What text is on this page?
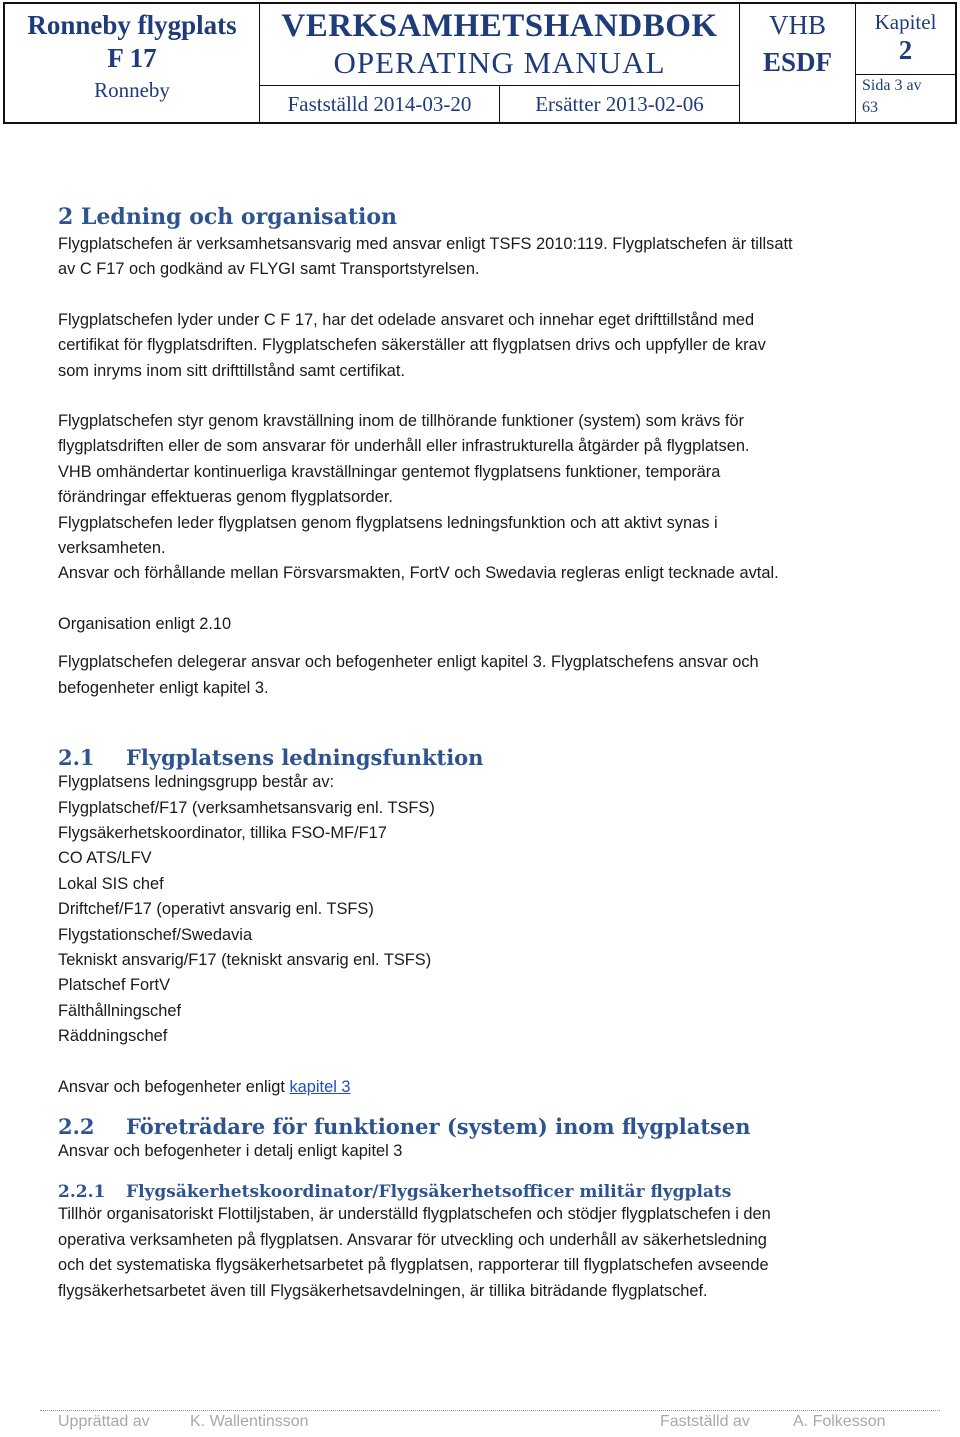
Ronneby flygplats
F 17
Ronneby
VERKSAMHETSHANDBOK
OPERATING MANUAL
Fastställd 2014-03-20	Ersätter 2013-02-06
VHB
ESDF
Kapitel
2
Sida 3 av
63
2 Ledning och organisation

Flygplatschefen är verksamhetsansvarig med ansvar enligt TSFS 2010:119. Flygplatschefen är tillsatt

av C F17 och godkänd av FLYGI samt Transportstyrelsen.

Flygplatschefen lyder under C F 17, har det odelade ansvaret och innehar eget drifttillstånd med

certifikat för flygplatsdriften. Flygplatschefen säkerställer att flygplatsen drivs och uppfyller de krav

som inryms inom sitt drifttillstånd samt certifikat.

Flygplatschefen styr genom kravställning inom de tillhörande funktioner (system) som krävs för

flygplatsdriften eller de som ansvarar för underhåll eller infrastrukturella åtgärder på flygplatsen.

VHB omhändertar kontinuerliga kravställningar gentemot flygplatsens funktioner, temporära

förändringar effektueras genom flygplatsorder.

Flygplatschefen leder flygplatsen genom flygplatsens ledningsfunktion och att aktivt synas i

verksamheten.

Ansvar och förhållande mellan Försvarsmakten, FortV och Swedavia regleras enligt tecknade avtal.

Organisation enligt 2.10

Flygplatschefen delegerar ansvar och befogenheter enligt kapitel 3. Flygplatschefens ansvar och

befogenheter enligt kapitel 3.

2.1	Flygplatsens ledningsfunktion

Flygplatsens ledningsgrupp består av:

Flygplatschef/F17 (verksamhetsansvarig enl. TSFS)

Flygsäkerhetskoordinator, tillika FSO-MF/F17

CO ATS/LFV

Lokal SIS chef

Driftchef/F17 (operativt ansvarig enl. TSFS)

Flygstationschef/Swedavia

Tekniskt ansvarig/F17 (tekniskt ansvarig enl. TSFS)

Platschef FortV

Fälthållningschef

Räddningschef

Ansvar och befogenheter enligt kapitel 3

2.2	Företrädare för funktioner (system) inom flygplatsen

Ansvar och befogenheter i detalj enligt kapitel 3

2.2.1	Flygsäkerhetskoordinator/Flygsäkerhetsofficer militär flygplats

Tillhör organisatoriskt Flottiljstaben, är underställd flygplatschefen och stödjer flygplatschefen i den

operativa verksamheten på flygplatsen. Ansvarar för utveckling och underhåll av säkerhetsledning

och det systematiska flygsäkerhetsarbetet på flygplatsen, rapporterar till flygplatschefen avseende

flygsäkerhetsarbetet även till Flygsäkerhetsavdelningen, är tillika biträdande flygplatschef.

Upprättad av	K. Wallentinsson	Fastställd av	A. Folkesson
